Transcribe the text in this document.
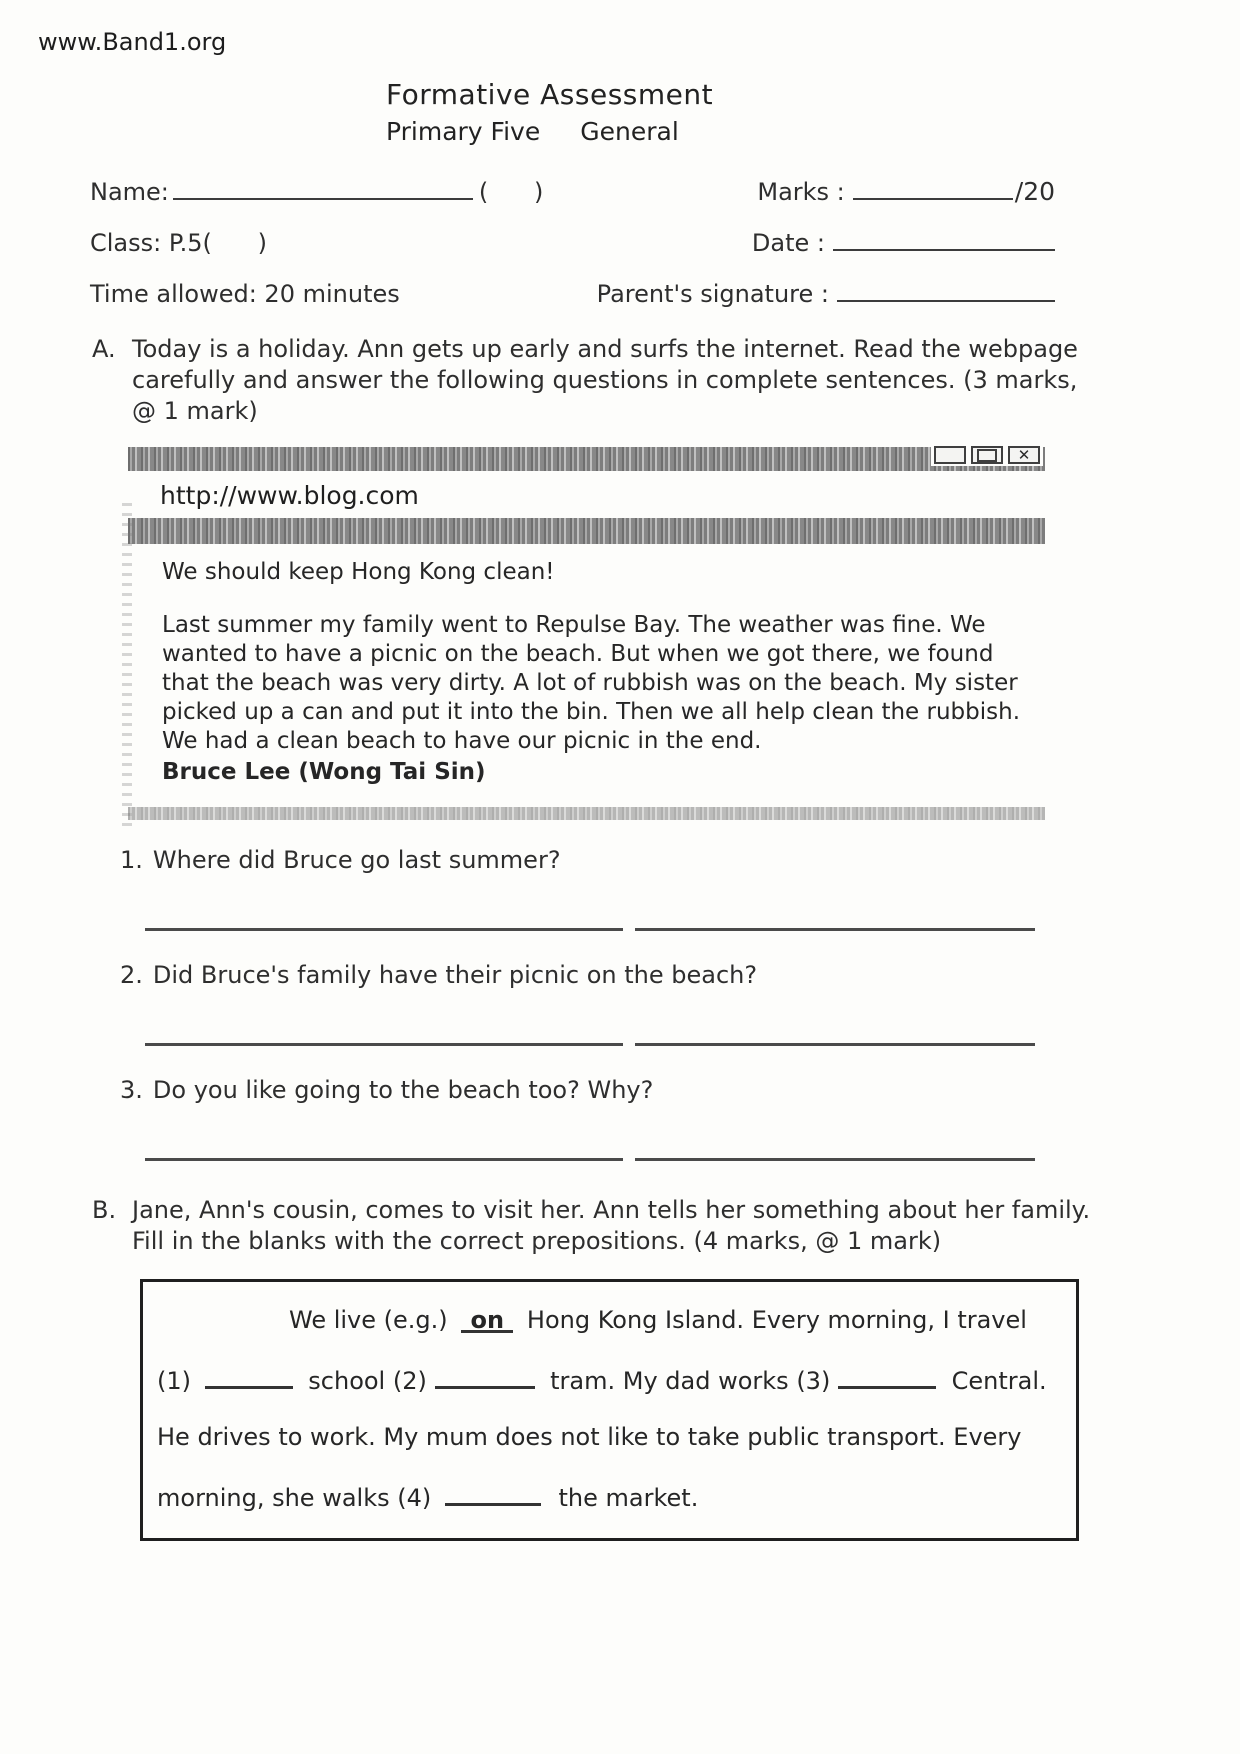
www.Band1.org
Formative Assessment
Primary Five General
Name:	(      )	Marks :	/20
Class: P.5(      )	Date :
Time allowed: 20 minutes	Parent's signature :
A. Today is a holiday. Ann gets up early and surfs the internet. Read the webpage carefully and answer the following questions in complete sentences. (3 marks, @ 1 mark)
✕
http://www.blog.com

We should keep Hong Kong clean!

Last summer my family went to Repulse Bay. The weather was fine. We wanted to have a picnic on the beach. But when we got there, we found that the beach was very dirty. A lot of rubbish was on the beach. My sister picked up a can and put it into the bin. Then we all help clean the rubbish. We had a clean beach to have our picnic in the end.

Bruce Lee (Wong Tai Sin)

1. Where did Bruce go last summer?
2. Did Bruce's family have their picnic on the beach?
3. Do you like going to the beach too? Why?
B. Jane, Ann's cousin, comes to visit her. Ann tells her something about her family. Fill in the blanks with the correct prepositions. (4 marks, @ 1 mark)
We live (e.g.) on Hong Kong Island. Every morning, I travel
(1)	school (2)	tram. My dad works (3)	Central.
He drives to work. My mum does not like to take public transport. Every
morning, she walks (4)	the market.
